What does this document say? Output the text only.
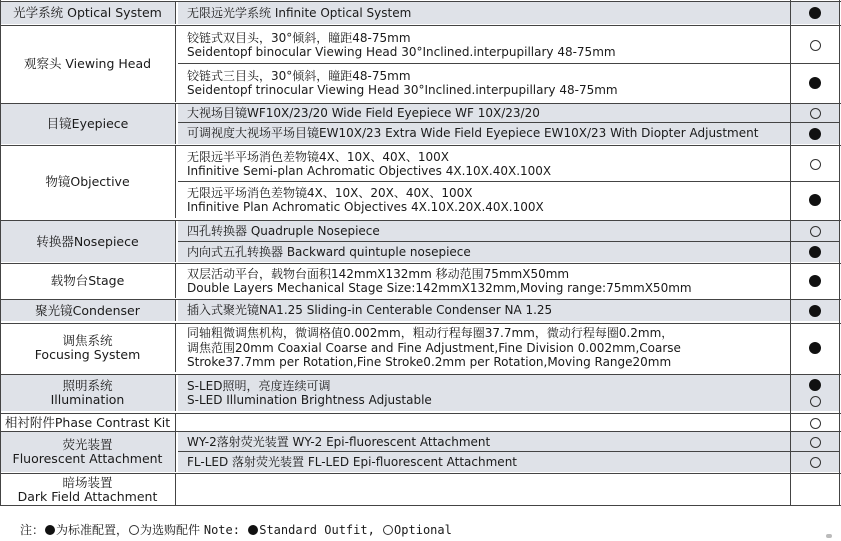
光学系统 Optical System 无限远光学系统 Infinite Optical System
观察头 Viewing Head
铰链式双目头，30°倾斜，瞳距48-75mm
Seidentopf binocular Viewing Head 30°Inclined.interpupillary 48-75mm
铰链式三目头，30°倾斜，瞳距48-75mm
Seidentopf trinocular Viewing Head 30°Inclined.interpupillary 48-75mm
目镜Eyepiece
大视场目镜WF10X/23/20 Wide Field Eyepiece WF 10X/23/20
可调视度大视场平场目镜EW10X/23 Extra Wide Field Eyepiece EW10X/23 With Diopter Adjustment
物镜Objective
无限远半平场消色差物镜4X、10X、40X、100X
Infinitive Semi-plan Achromatic Objectives 4X.10X.40X.100X
无限远平场消色差物镜4X、10X、20X、40X、100X
Infinitive Plan Achromatic Objectives 4X.10X.20X.40X.100X
转换器Nosepiece
四孔转换器 Quadruple Nosepiece
内向式五孔转换器 Backward quintuple nosepiece
载物台Stage	双层活动平台，载物台面积142mmX132mm 移动范围75mmX50mm
Double Layers Mechanical Stage Size:142mmX132mm,Moving range:75mmX50mm
聚光镜Condenser	插入式聚光镜NA1.25 Sliding-in Centerable Condenser NA 1.25
调焦系统
Focusing System
同轴粗微调焦机构，微调格值0.002mm，粗动行程每圈37.7mm，微动行程每圈0.2mm，
调焦范围20mm Coaxial Coarse and Fine Adjustment,Fine Division 0.002mm,Coarse
Stroke37.7mm per Rotation,Fine Stroke0.2mm per Rotation,Moving Range20mm
照明系统
Illumination
S-LED照明，亮度连续可调
S-LED Illumination Brightness Adjustable
相衬附件Phase Contrast Kit
荧光装置
Fluorescent Attachment
WY-2落射荧光装置 WY-2 Epi-fluorescent Attachment
FL-LED 落射荧光装置 FL-LED Epi-fluorescent Attachment
暗场装置
Dark Field Attachment
注： 为标准配置， 为选购配件 Note: Standard Outfit, Optional
